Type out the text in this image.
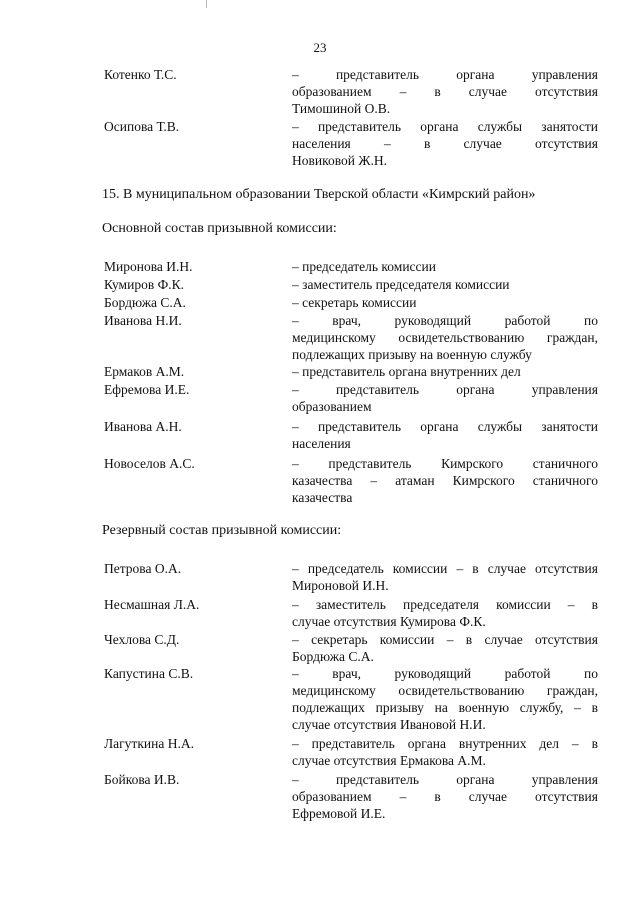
23
15. В муниципальном образовании Тверской области «Кимрский район»
Основной состав призывной комиссии:
Резервный состав призывной комиссии:
Котенко Т.С.	– представитель органа управления
образованием – в случае отсутствия
Тимошиной О.В.
Осипова Т.В.	– представитель органа службы занятости
населения – в случае отсутствия
Новиковой Ж.Н.
Миронова И.Н.	– председатель комиссии
Кумиров Ф.К.	– заместитель председателя комиссии
Бордюжа С.А.	– секретарь комиссии
Иванова Н.И.	– врач, руководящий работой по
медицинскому освидетельствованию граждан,
подлежащих призыву на военную службу
Ермаков А.М.	– представитель органа внутренних дел
Ефремова И.Е.	– представитель органа управления
образованием
Иванова А.Н.	– представитель органа службы занятости
населения
Новоселов А.С.	– представитель Кимрского станичного
казачества – атаман Кимрского станичного
казачества
Петрова О.А.	– председатель комиссии – в случае отсутствия
Мироновой И.Н.
Несмашная Л.А.	– заместитель председателя комиссии – в
случае отсутствия Кумирова Ф.К.
Чехлова С.Д.	– секретарь комиссии – в случае отсутствия
Бордюжа С.А.
Капустина С.В.	– врач, руководящий работой по
медицинскому освидетельствованию граждан,
подлежащих призыву на военную службу, – в
случае отсутствия Ивановой Н.И.
Лагуткина Н.А.	– представитель органа внутренних дел – в
случае отсутствия Ермакова А.М.
Бойкова И.В.	– представитель органа управления
образованием – в случае отсутствия
Ефремовой И.Е.
